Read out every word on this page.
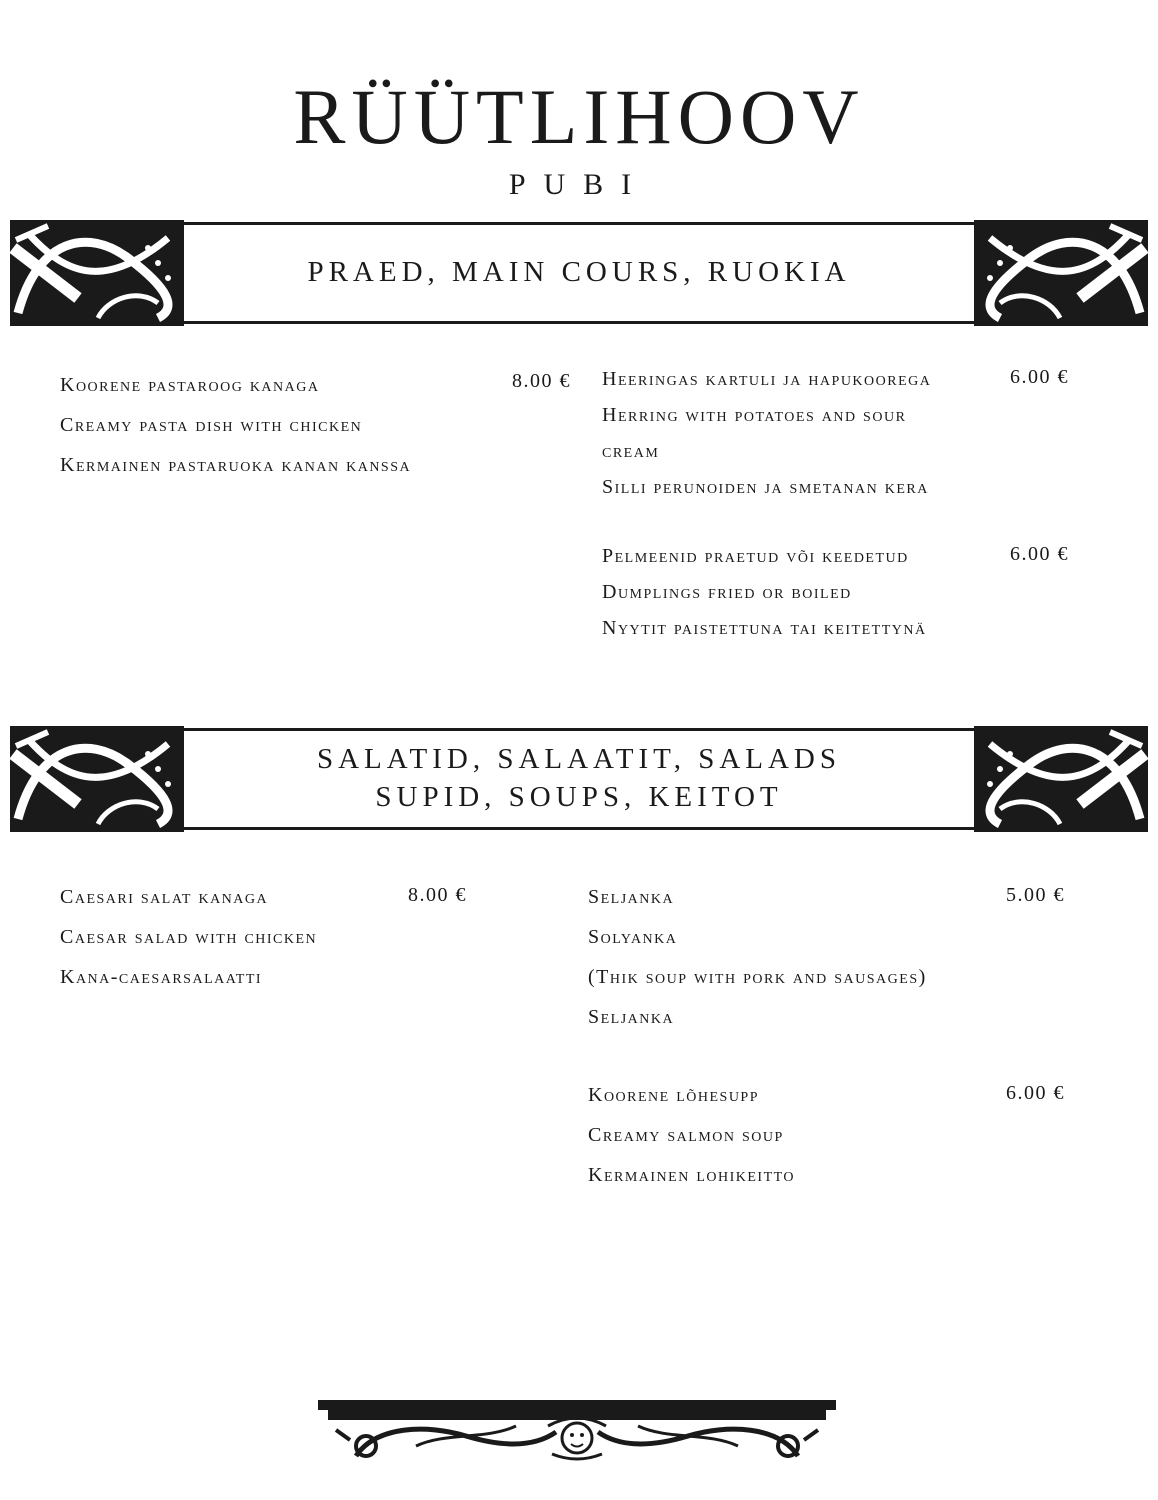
RÜÜTLIHOOV
PUBI
PRAED, MAIN COURS, RUOKIA
Koorene pastaroog kanaga
Creamy pasta dish with chicken
Kermainen pastaruoka kanan kanssa
8.00 € Heeringas kartuli ja hapukoorega
Herring with potatoes and sour
cream
Silli perunoiden ja smetanan kera
6.00 €
Pelmeenid praetud või keedetud
Dumplings fried or boiled
Nyytit paistettuna tai keitettynä
6.00 €
SALATID, SALAATIT, SALADS
SUPID, SOUPS, KEITOT
Caesari salat kanaga
Caesar salad with chicken
Kana-caesarsalaatti
8.00 €	Seljanka
Solyanka
(Thik soup with pork and sausages)
Seljanka
5.00 €
Koorene lõhesupp
Creamy salmon soup
Kermainen lohikeitto
6.00 €
